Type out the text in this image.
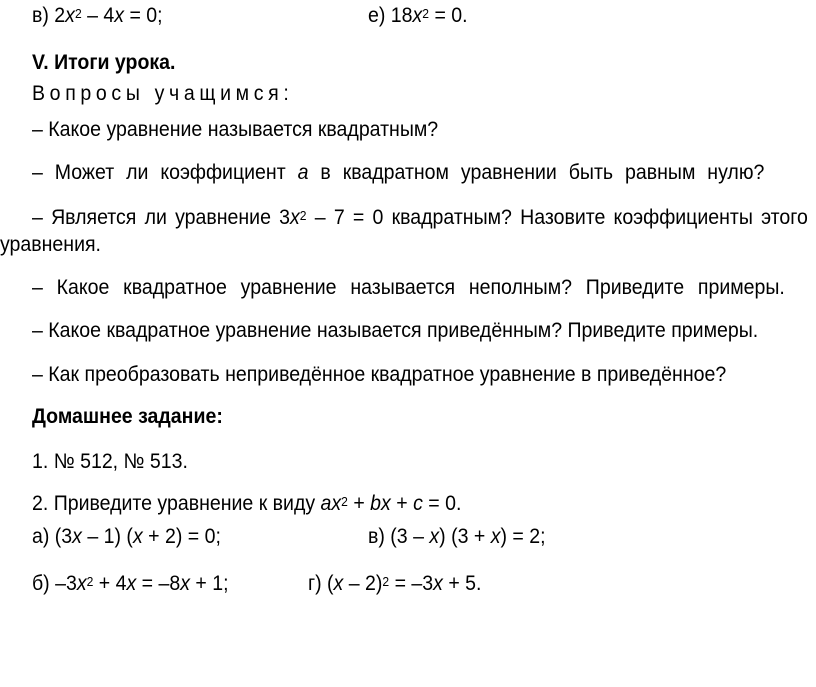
в) $2x^2 - 4x = 0$;	е) $18x^2 = 0$.
V. Итоги урока.
Вопросы учащимся:
– Какое уравнение называется квадратным?
– Может ли коэффициент а в квадратном уравнении быть равным нулю?
– Является ли уравнение $3x^2 - 7 = 0$ квадратным? Назовите коэффициенты этого
уравнения.
– Какое квадратное уравнение называется неполным? Приведите примеры.
– Какое квадратное уравнение называется приведённым? Приведите примеры.
– Как преобразовать неприведённое квадратное уравнение в приведённое?
Домашнее задание:
1. № 512, № 513.
2. Приведите уравнение к виду $ax^2$ + bx + c = 0.
а) (3x – 1) (x + 2) = 0;	в) (3 – x) (3 + x) = 2;
б) $-3x^2 + 4x = -8x + 1$;	г) (x – 2)$^2$ = –3x + 5.
